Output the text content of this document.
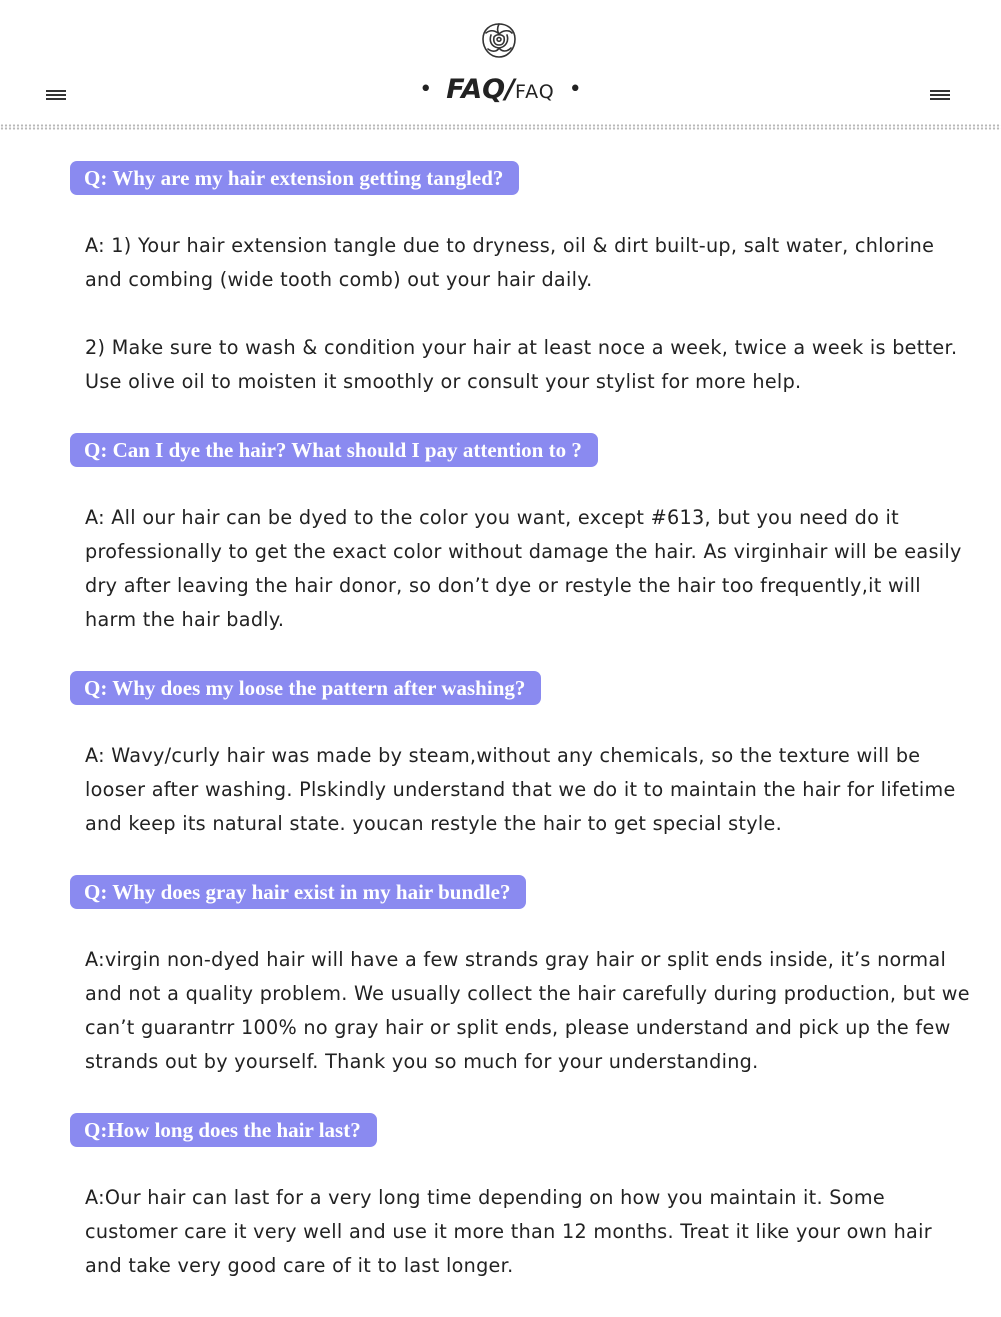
• FAQ/FAQ •
Q: Why are my hair extension getting tangled?

A: 1) Your hair extension tangle due to dryness, oil & dirt built-up, salt water, chlorine and combing (wide tooth comb) out your hair daily.

2) Make sure to wash & condition your hair at least noce a week, twice a week is better. Use olive oil to moisten it smoothly or consult your stylist for more help.

Q: Can I dye the hair? What should I pay attention to ?

A: All our hair can be dyed to the color you want, except #613, but you need do it professionally to get the exact color without damage the hair. As virginhair will be easily dry after leaving the hair donor, so don’t dye or restyle the hair too frequently,it will harm the hair badly.

Q: Why does my loose the pattern after washing?

A: Wavy/curly hair was made by steam,without any chemicals, so the texture will be looser after washing. Plskindly understand that we do it to maintain the hair for lifetime and keep its natural state. youcan restyle the hair to get special style.

Q: Why does gray hair exist in my hair bundle?

A:virgin non-dyed hair will have a few strands gray hair or split ends inside, it’s normal and not a quality problem. We usually collect the hair carefully during production, but we can’t guarantrr 100% no gray hair or split ends, please understand and pick up the few strands out by yourself. Thank you so much for your understanding.

Q:How long does the hair last?

A:Our hair can last for a very long time depending on how you maintain it. Some customer care it very well and use it more than 12 months. Treat it like your own hair and take very good care of it to last longer.
